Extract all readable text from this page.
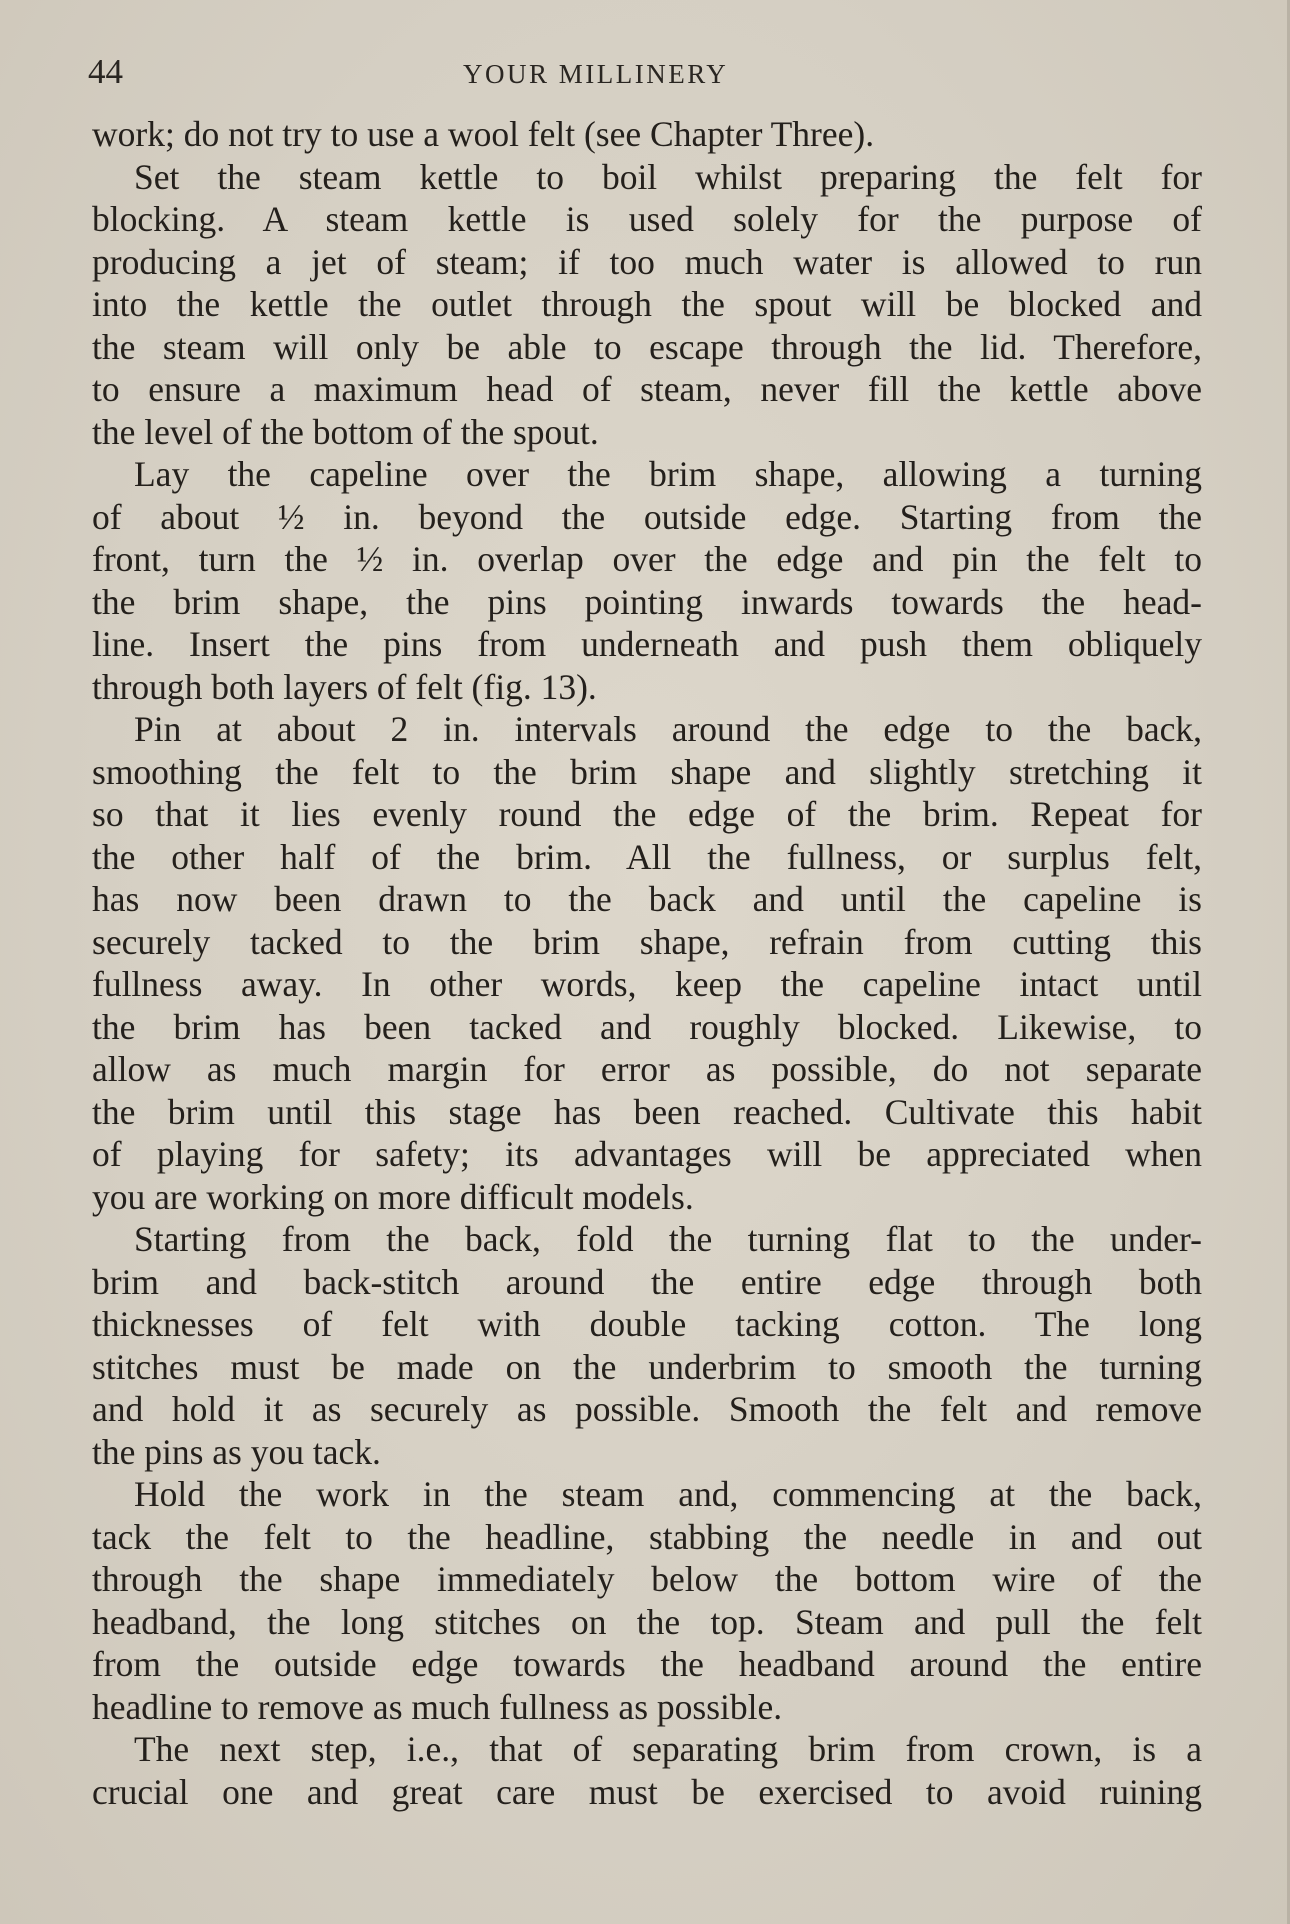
44	YOUR MILLINERY
work; do not try to use a wool felt (see Chapter Three).
Set the steam kettle to boil whilst preparing the felt for
blocking. A steam kettle is used solely for the purpose of
producing a jet of steam; if too much water is allowed to run
into the kettle the outlet through the spout will be blocked and
the steam will only be able to escape through the lid. Therefore,
to ensure a maximum head of steam, never fill the kettle above
the level of the bottom of the spout.
Lay the capeline over the brim shape, allowing a turning
of about ½ in. beyond the outside edge. Starting from the
front, turn the ½ in. overlap over the edge and pin the felt to
the brim shape, the pins pointing inwards towards the head-
line. Insert the pins from underneath and push them obliquely
through both layers of felt (fig. 13).
Pin at about 2 in. intervals around the edge to the back,
smoothing the felt to the brim shape and slightly stretching it
so that it lies evenly round the edge of the brim. Repeat for
the other half of the brim. All the fullness, or surplus felt,
has now been drawn to the back and until the capeline is
securely tacked to the brim shape, refrain from cutting this
fullness away. In other words, keep the capeline intact until
the brim has been tacked and roughly blocked. Likewise, to
allow as much margin for error as possible, do not separate
the brim until this stage has been reached. Cultivate this habit
of playing for safety; its advantages will be appreciated when
you are working on more difficult models.
Starting from the back, fold the turning flat to the under-
brim and back-stitch around the entire edge through both
thicknesses of felt with double tacking cotton. The long
stitches must be made on the underbrim to smooth the turning
and hold it as securely as possible. Smooth the felt and remove
the pins as you tack.
Hold the work in the steam and, commencing at the back,
tack the felt to the headline, stabbing the needle in and out
through the shape immediately below the bottom wire of the
headband, the long stitches on the top. Steam and pull the felt
from the outside edge towards the headband around the entire
headline to remove as much fullness as possible.
The next step, i.e., that of separating brim from crown, is a
crucial one and great care must be exercised to avoid ruining
